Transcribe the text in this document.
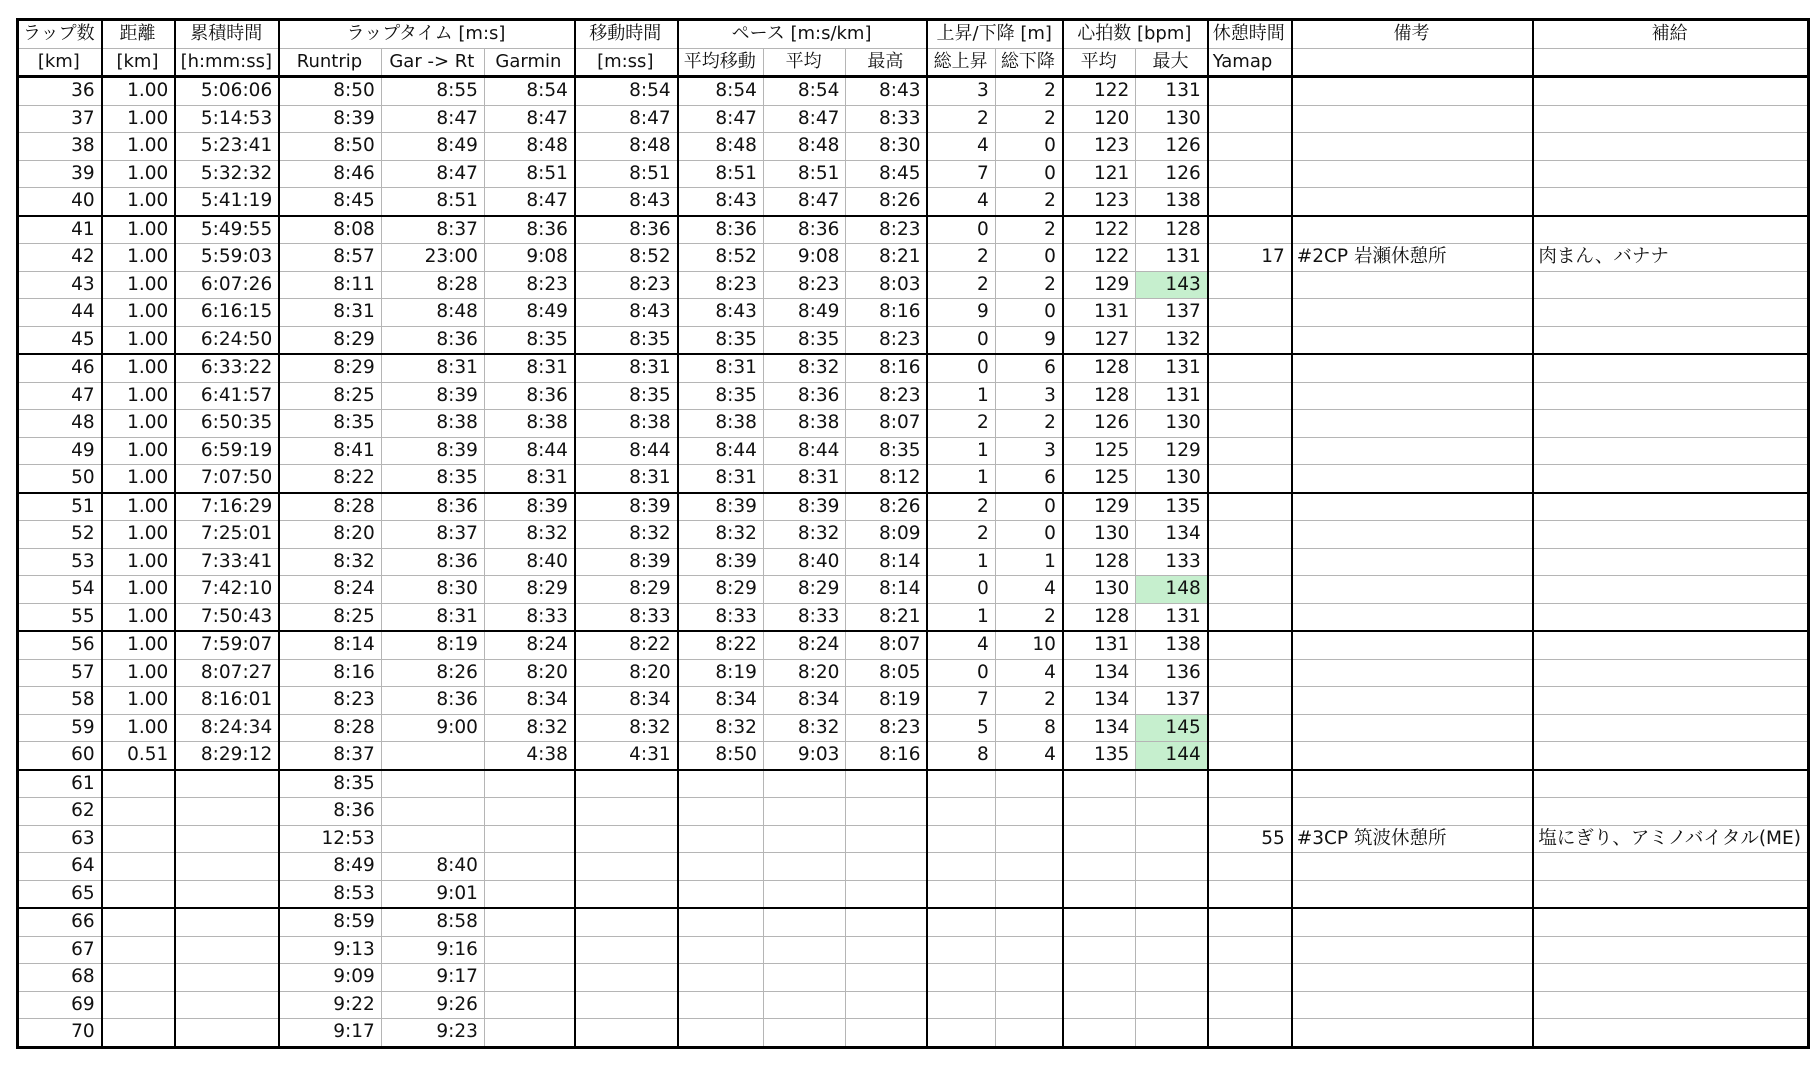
ラップ数	距離	累積時間	ラップタイム [m:s]			移動時間	ペース [m:s/km]			上昇/下降 [m]		心拍数 [bpm]		休憩時間	備考	補給
[km]	[km]	[h:mm:ss]	Runtrip	Gar -> Rt	Garmin	[m:ss]	平均移動	平均	最高	総上昇	総下降	平均	最大	Yamap		
36	1.00	5:06:06	8:50	8:55	8:54	8:54	8:54	8:54	8:43	3	2	122	131			
37	1.00	5:14:53	8:39	8:47	8:47	8:47	8:47	8:47	8:33	2	2	120	130			
38	1.00	5:23:41	8:50	8:49	8:48	8:48	8:48	8:48	8:30	4	0	123	126			
39	1.00	5:32:32	8:46	8:47	8:51	8:51	8:51	8:51	8:45	7	0	121	126			
40	1.00	5:41:19	8:45	8:51	8:47	8:43	8:43	8:47	8:26	4	2	123	138			
41	1.00	5:49:55	8:08	8:37	8:36	8:36	8:36	8:36	8:23	0	2	122	128			
42	1.00	5:59:03	8:57	23:00	9:08	8:52	8:52	9:08	8:21	2	0	122	131	17	#2CP 岩瀬休憩所	肉まん、バナナ
43	1.00	6:07:26	8:11	8:28	8:23	8:23	8:23	8:23	8:03	2	2	129	143			
44	1.00	6:16:15	8:31	8:48	8:49	8:43	8:43	8:49	8:16	9	0	131	137			
45	1.00	6:24:50	8:29	8:36	8:35	8:35	8:35	8:35	8:23	0	9	127	132			
46	1.00	6:33:22	8:29	8:31	8:31	8:31	8:31	8:32	8:16	0	6	128	131			
47	1.00	6:41:57	8:25	8:39	8:36	8:35	8:35	8:36	8:23	1	3	128	131			
48	1.00	6:50:35	8:35	8:38	8:38	8:38	8:38	8:38	8:07	2	2	126	130			
49	1.00	6:59:19	8:41	8:39	8:44	8:44	8:44	8:44	8:35	1	3	125	129			
50	1.00	7:07:50	8:22	8:35	8:31	8:31	8:31	8:31	8:12	1	6	125	130			
51	1.00	7:16:29	8:28	8:36	8:39	8:39	8:39	8:39	8:26	2	0	129	135			
52	1.00	7:25:01	8:20	8:37	8:32	8:32	8:32	8:32	8:09	2	0	130	134			
53	1.00	7:33:41	8:32	8:36	8:40	8:39	8:39	8:40	8:14	1	1	128	133			
54	1.00	7:42:10	8:24	8:30	8:29	8:29	8:29	8:29	8:14	0	4	130	148			
55	1.00	7:50:43	8:25	8:31	8:33	8:33	8:33	8:33	8:21	1	2	128	131			
56	1.00	7:59:07	8:14	8:19	8:24	8:22	8:22	8:24	8:07	4	10	131	138			
57	1.00	8:07:27	8:16	8:26	8:20	8:20	8:19	8:20	8:05	0	4	134	136			
58	1.00	8:16:01	8:23	8:36	8:34	8:34	8:34	8:34	8:19	7	2	134	137			
59	1.00	8:24:34	8:28	9:00	8:32	8:32	8:32	8:32	8:23	5	8	134	145			
60	0.51	8:29:12	8:37		4:38	4:31	8:50	9:03	8:16	8	4	135	144			
61			8:35													
62			8:36													
63			12:53											55	#3CP 筑波休憩所	塩にぎり、アミノバイタル(ME)
64			8:49	8:40												
65			8:53	9:01												
66			8:59	8:58												
67			9:13	9:16												
68			9:09	9:17												
69			9:22	9:26												
70			9:17	9:23												
